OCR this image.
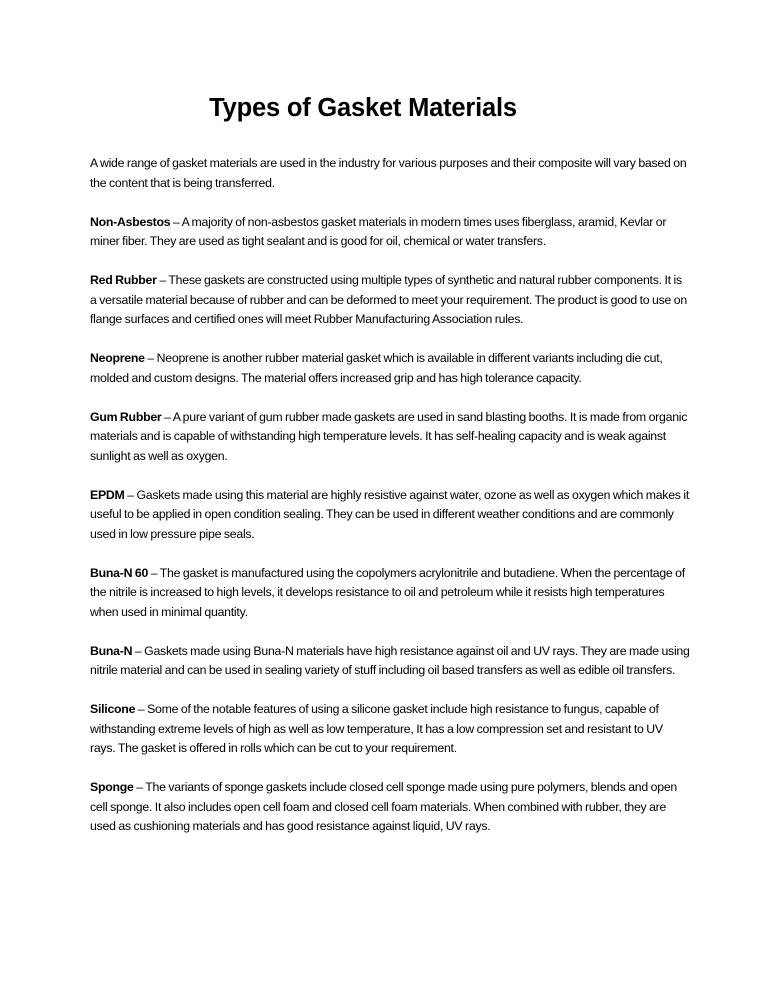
Types of Gasket Materials

A wide range of gasket materials are used in the industry for various purposes and their composite will vary based on the content that is being transferred.

Non-Asbestos – A majority of non-asbestos gasket materials in modern times uses fiberglass, aramid, Kevlar or miner fiber. They are used as tight sealant and is good for oil, chemical or water transfers.

Red Rubber – These gaskets are constructed using multiple types of synthetic and natural rubber components. It is a versatile material because of rubber and can be deformed to meet your requirement. The product is good to use on flange surfaces and certified ones will meet Rubber Manufacturing Association rules.

Neoprene – Neoprene is another rubber material gasket which is available in different variants including die cut, molded and custom designs. The material offers increased grip and has high tolerance capacity.

Gum Rubber – A pure variant of gum rubber made gaskets are used in sand blasting booths. It is made from organic materials and is capable of withstanding high temperature levels. It has self-healing capacity and is weak against sunlight as well as oxygen.

EPDM – Gaskets made using this material are highly resistive against water, ozone as well as oxygen which makes it useful to be applied in open condition sealing. They can be used in different weather conditions and are commonly used in low pressure pipe seals.

Buna-N 60 – The gasket is manufactured using the copolymers acrylonitrile and butadiene. When the percentage of the nitrile is increased to high levels, it develops resistance to oil and petroleum while it resists high temperatures when used in minimal quantity.

Buna-N – Gaskets made using Buna-N materials have high resistance against oil and UV rays. They are made using nitrile material and can be used in sealing variety of stuff including oil based transfers as well as edible oil transfers.

Silicone – Some of the notable features of using a silicone gasket include high resistance to fungus, capable of withstanding extreme levels of high as well as low temperature, It has a low compression set and resistant to UV rays. The gasket is offered in rolls which can be cut to your requirement.

Sponge – The variants of sponge gaskets include closed cell sponge made using pure polymers, blends and open cell sponge. It also includes open cell foam and closed cell foam materials. When combined with rubber, they are used as cushioning materials and has good resistance against liquid, UV rays.
